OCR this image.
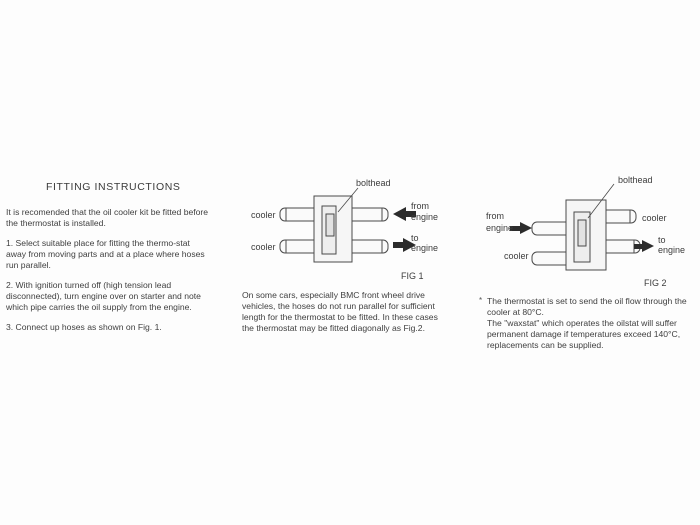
FITTING INSTRUCTIONS

It is recomended that the oil cooler kit be fitted before the thermostat is installed.

1. Select suitable place for fitting the thermo-stat away from moving parts and at a place where hoses run parallel.

2. With ignition turned off (high tension lead disconnected), turn engine over on starter and note which pipe carries the oil supply from the engine.

3. Connect up hoses as shown on Fig. 1.

cooler
cooler
bolthead
from
engine
to
engine
FIG 1

On some cars, especially BMC front wheel drive vehicles, the hoses do not run parallel for sufficient length for the thermostat to be fitted. In these cases the thermostat may be fitted diagonally as Fig.2.

bolthead
from
engine
cooler
cooler
to
engine
FIG 2
* The thermostat is set to send the oil flow through the cooler at 80°C.

The "waxstat" which operates the oilstat will suffer permanent damage if temperatures exceed 140°C, replacements can be supplied.
